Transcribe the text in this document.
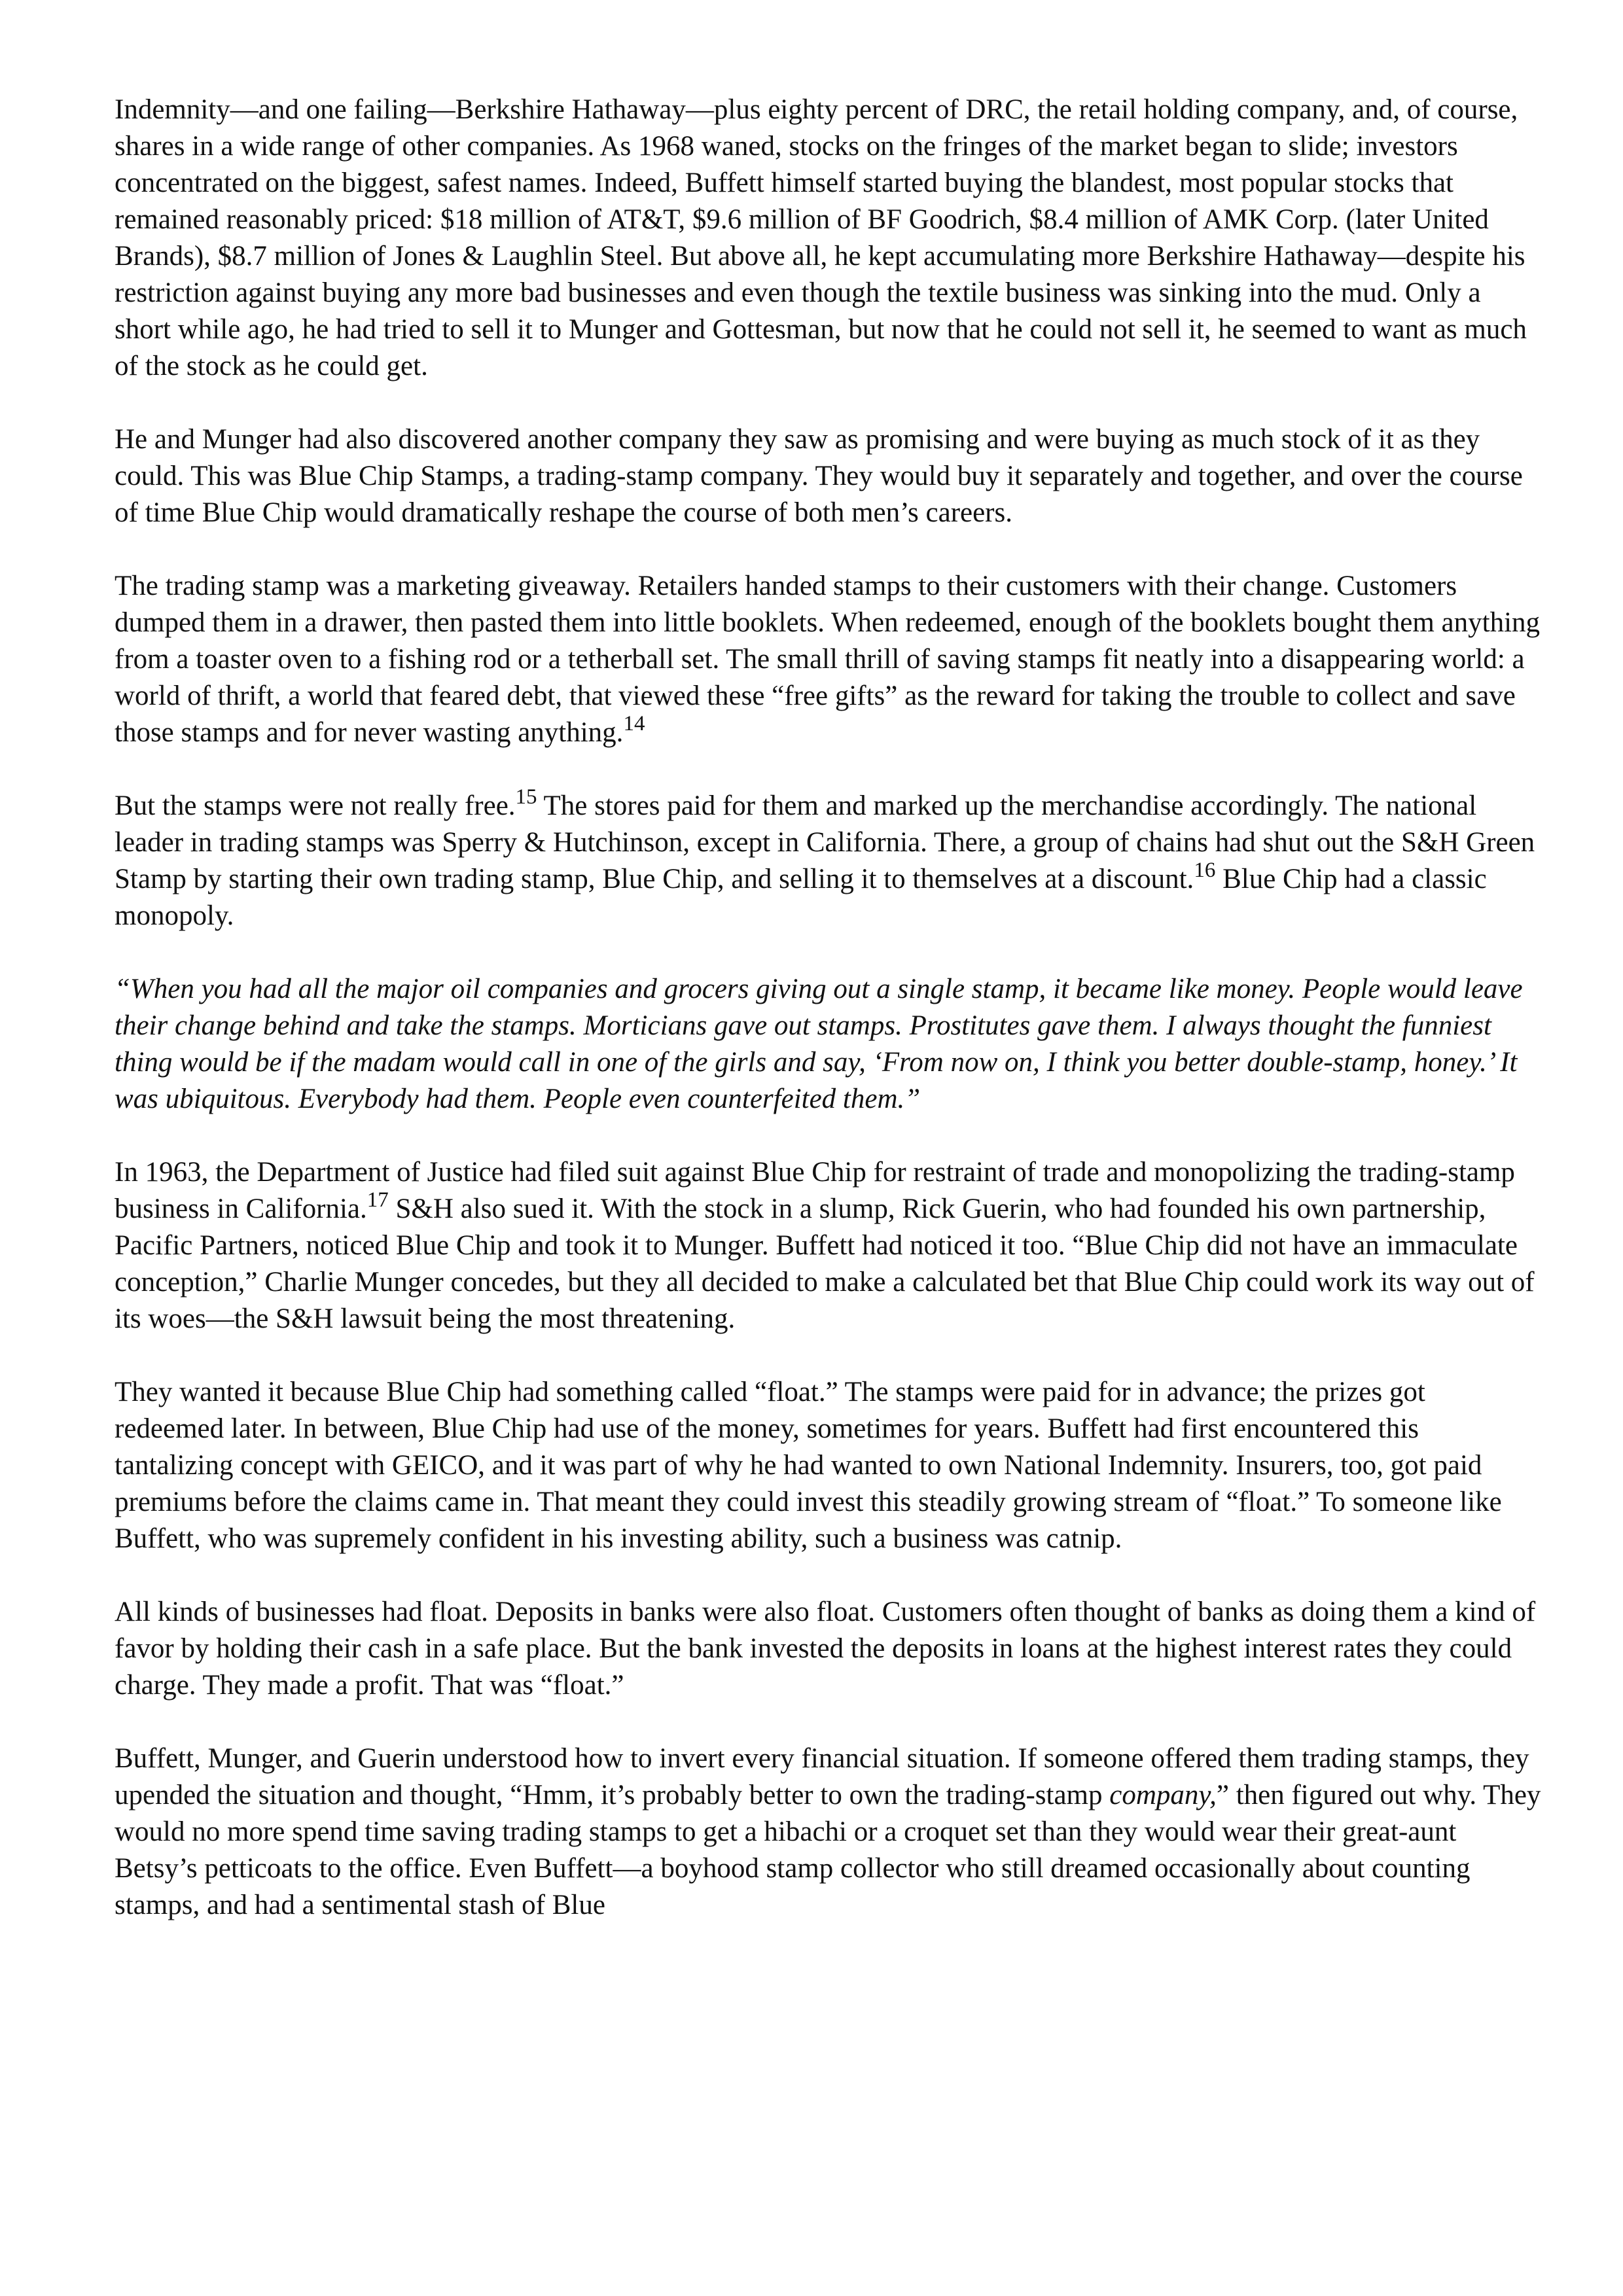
Indemnity—and one failing—Berkshire Hathaway—plus eighty percent of DRC, the retail holding company, and, of course, shares in a wide range of other companies. As 1968 waned, stocks on the fringes of the market began to slide; investors concentrated on the biggest, safest names. Indeed, Buffett himself started buying the blandest, most popular stocks that remained reasonably priced: $18 million of AT&T, $9.6 million of BF Goodrich, $8.4 million of AMK Corp. (later United Brands), $8.7 million of Jones & Laughlin Steel. But above all, he kept accumulating more Berkshire Hathaway—despite his restriction against buying any more bad businesses and even though the textile business was sinking into the mud. Only a short while ago, he had tried to sell it to Munger and Gottesman, but now that he could not sell it, he seemed to want as much of the stock as he could get.

He and Munger had also discovered another company they saw as promising and were buying as much stock of it as they could. This was Blue Chip Stamps, a trading-stamp company. They would buy it separately and together, and over the course of time Blue Chip would dramatically reshape the course of both men’s careers.

The trading stamp was a marketing giveaway. Retailers handed stamps to their customers with their change. Customers dumped them in a drawer, then pasted them into little booklets. When redeemed, enough of the booklets bought them anything from a toaster oven to a fishing rod or a tetherball set. The small thrill of saving stamps fit neatly into a disappearing world: a world of thrift, a world that feared debt, that viewed these “free gifts” as the reward for taking the trouble to collect and save those stamps and for never wasting anything.$^{14}$

But the stamps were not really free.$^{15}$ The stores paid for them and marked up the merchandise accordingly. The national leader in trading stamps was Sperry & Hutchinson, except in California. There, a group of chains had shut out the S&H Green Stamp by starting their own trading stamp, Blue Chip, and selling it to themselves at a discount.$^{16}$ Blue Chip had a classic monopoly.

“When you had all the major oil companies and grocers giving out a single stamp, it became like money. People would leave their change behind and take the stamps. Morticians gave out stamps. Prostitutes gave them. I always thought the funniest thing would be if the madam would call in one of the girls and say, ‘From now on, I think you better double-stamp, honey.’ It was ubiquitous. Everybody had them. People even counterfeited them.”

In 1963, the Department of Justice had filed suit against Blue Chip for restraint of trade and monopolizing the trading-stamp business in California.$^{17}$ S&H also sued it. With the stock in a slump, Rick Guerin, who had founded his own partnership, Pacific Partners, noticed Blue Chip and took it to Munger. Buffett had noticed it too. “Blue Chip did not have an immaculate conception,” Charlie Munger concedes, but they all decided to make a calculated bet that Blue Chip could work its way out of its woes—the S&H lawsuit being the most threatening.

They wanted it because Blue Chip had something called “float.” The stamps were paid for in advance; the prizes got redeemed later. In between, Blue Chip had use of the money, sometimes for years. Buffett had first encountered this tantalizing concept with GEICO, and it was part of why he had wanted to own National Indemnity. Insurers, too, got paid premiums before the claims came in. That meant they could invest this steadily growing stream of “float.” To someone like Buffett, who was supremely confident in his investing ability, such a business was catnip.

All kinds of businesses had float. Deposits in banks were also float. Customers often thought of banks as doing them a kind of favor by holding their cash in a safe place. But the bank invested the deposits in loans at the highest interest rates they could charge. They made a profit. That was “float.”

Buffett, Munger, and Guerin understood how to invert every financial situation. If someone offered them trading stamps, they upended the situation and thought, “Hmm, it’s probably better to own the trading-stamp company,” then figured out why. They would no more spend time saving trading stamps to get a hibachi or a croquet set than they would wear their great-aunt Betsy’s petticoats to the office. Even Buffett—a boyhood stamp collector who still dreamed occasionally about counting stamps, and had a sentimental stash of Blue
